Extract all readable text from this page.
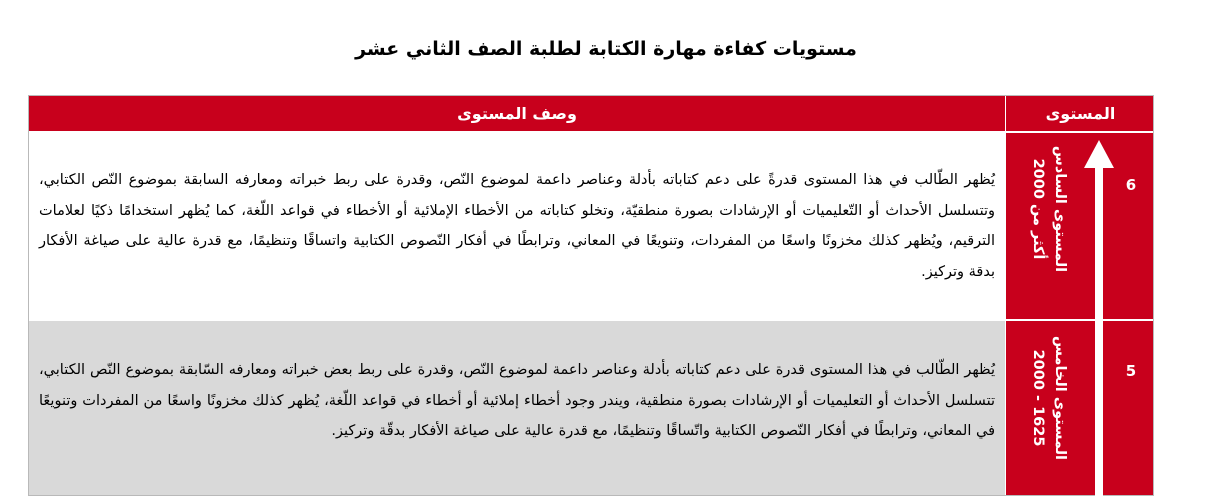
مستويات كفاءة مهارة الكتابة لطلبة الصف الثاني عشر
وصف المستوى	المستوى
يُظهر الطّالب في هذا المستوى قدرةً على دعم كتاباته بأدلة وعناصر داعمة لموضوع النّص، وقدرة على ربط خبراته ومعارفه السابقة بموضوع النّص الكتابي، وتتسلسل الأحداث أو التّعليميات أو الإرشادات بصورة منطقيّة، وتخلو كتاباته من الأخطاء الإملائية أو الأخطاء في قواعد اللّغة، كما يُظهر استخدامًا ذكيًا لعلامات الترقيم، ويُظهر كذلك مخزونًا واسعًا من المفردات، وتنويعًا في المعاني، وترابطًا في أفكار النّصوص الكتابية واتساقًا وتنظيمًا، مع قدرة عالية على صياغة الأفكار بدقة وتركيز.
يُظهر الطّالب في هذا المستوى قدرة على دعم كتاباته بأدلة وعناصر داعمة لموضوع النّص، وقدرة على ربط بعض خبراته ومعارفه السّابقة بموضوع النّص الكتابي، تتسلسل الأحداث أو التعليميات أو الإرشادات بصورة منطقية، ويندر وجود أخطاء إملائية أو أخطاء في قواعد اللّغة، يُظهر كذلك مخزونًا واسعًا من المفردات وتنويعًا في المعاني، وترابطًا في أفكار النّصوص الكتابية واتّساقًا وتنظيمًا، مع قدرة عالية على صياغة الأفكار بدقّة وتركيز.
6
5
المستوى السادس
أكثر من 2000
المستوى الخامس
1625 - 2000
